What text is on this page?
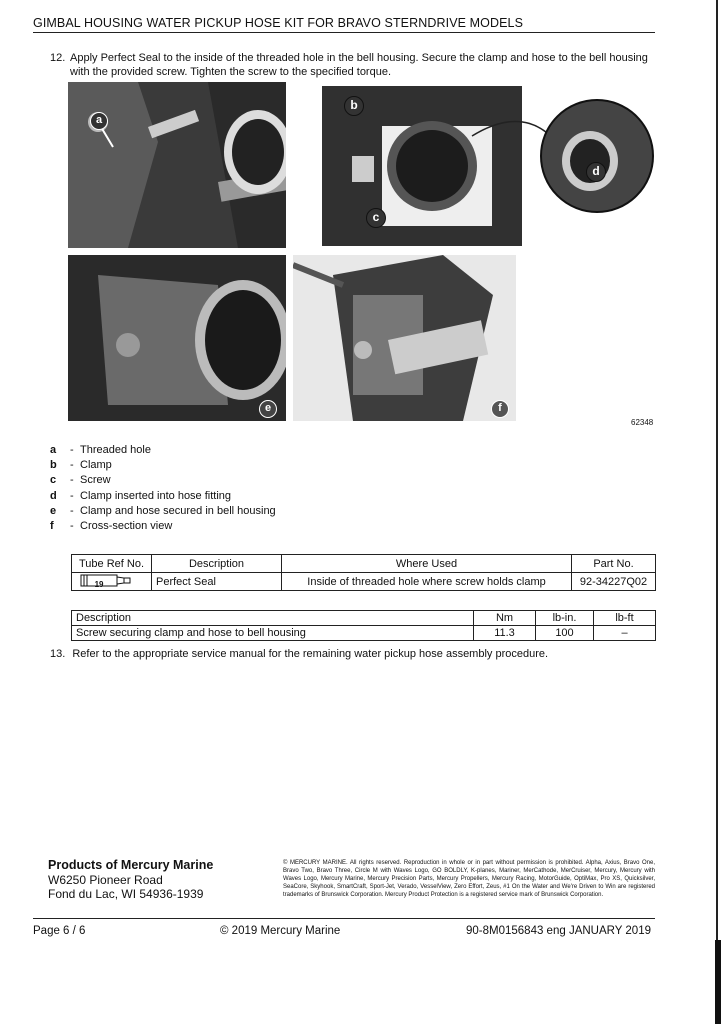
GIMBAL HOUSING WATER PICKUP HOSE KIT FOR BRAVO STERNDRIVE MODELS
12. Apply Perfect Seal to the inside of the threaded hole in the bell housing. Secure the clamp and hose to the bell housing with the provided screw. Tighten the screw to the specified torque.
a
b
c
d
e	f
62348
a	- Threaded hole
b	- Clamp
c	- Screw
d	- Clamp inserted into hose fitting
e	- Clamp and hose secured in bell housing
f	- Cross-section view
Tube Ref No.	Description	Where Used	Part No.

19	Perfect Seal	Inside of threaded hole where screw holds clamp	92-34227Q02
Description	Nm	lb-in.	lb-ft
Screw securing clamp and hose to bell housing	11.3	100	–
13. Refer to the appropriate service manual for the remaining water pickup hose assembly procedure.
Products of Mercury Marine
W6250 Pioneer Road
Fond du Lac, WI 54936-1939
© MERCURY MARINE. All rights reserved. Reproduction in whole or in part without permission is prohibited. Alpha, Axius, Bravo One, Bravo Two, Bravo Three, Circle M with Waves Logo, GO BOLDLY, K-planes, Mariner, MerCathode, MerCruiser, Mercury, Mercury with Waves Logo, Mercury Marine, Mercury Precision Parts, Mercury Propellers, Mercury Racing, MotorGuide, OptiMax, Pro XS, Quicksilver, SeaCore, Skyhook, SmartCraft, Sport-Jet, Verado, VesselView, Zero Effort, Zeus, #1 On the Water and We're Driven to Win are registered trademarks of Brunswick Corporation. Mercury Product Protection is a registered service mark of Brunswick Corporation.
Page 6 / 6	© 2019 Mercury Marine	90-8M0156843 eng JANUARY 2019
